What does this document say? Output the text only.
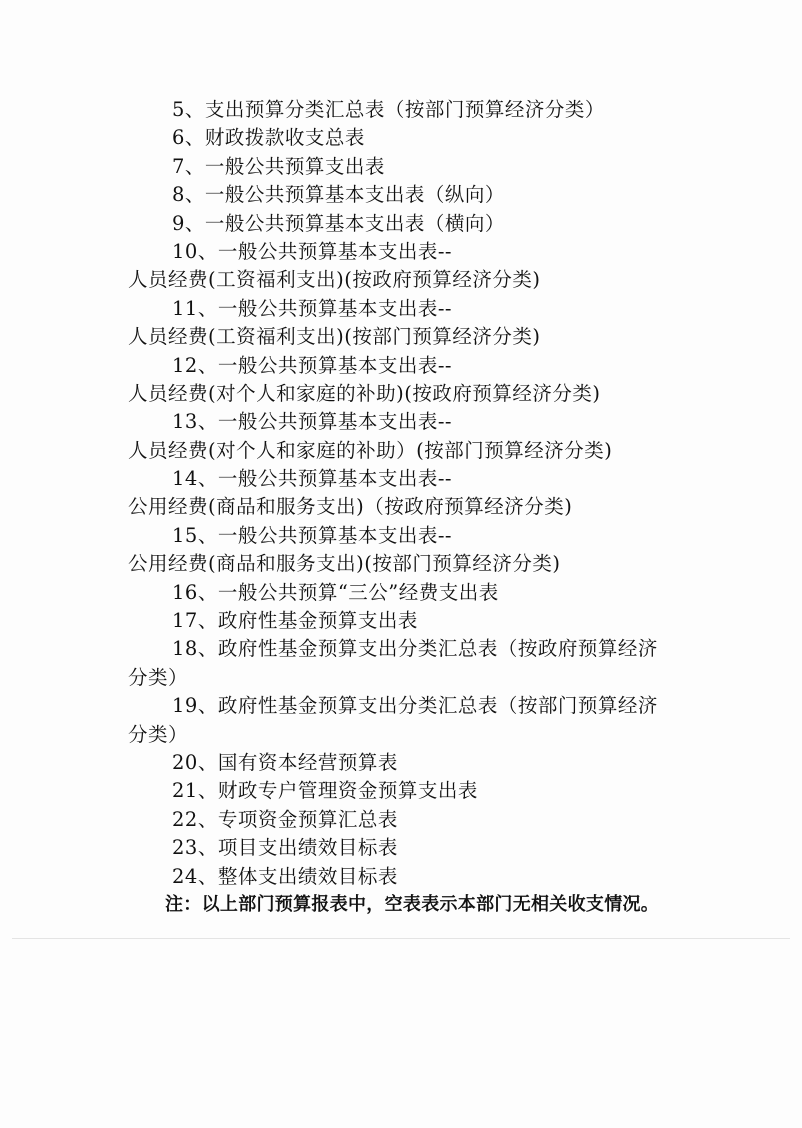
5、支出预算分类汇总表（按部门预算经济分类）
6、财政拨款收支总表
7、一般公共预算支出表
8、一般公共预算基本支出表（纵向）
9、一般公共预算基本支出表（横向）
10、一般公共预算基本支出表--
人员经费(工资福利支出)(按政府预算经济分类)
11、一般公共预算基本支出表--
人员经费(工资福利支出)(按部门预算经济分类)
12、一般公共预算基本支出表--
人员经费(对个人和家庭的补助)(按政府预算经济分类)
13、一般公共预算基本支出表--
人员经费(对个人和家庭的补助）(按部门预算经济分类)
14、一般公共预算基本支出表--
公用经费(商品和服务支出)（按政府预算经济分类)
15、一般公共预算基本支出表--
公用经费(商品和服务支出)(按部门预算经济分类)
16、一般公共预算“三公”经费支出表
17、政府性基金预算支出表
18、政府性基金预算支出分类汇总表（按政府预算经济
分类）
19、政府性基金预算支出分类汇总表（按部门预算经济
分类）
20、国有资本经营预算表
21、财政专户管理资金预算支出表
22、专项资金预算汇总表
23、项目支出绩效目标表
24、整体支出绩效目标表
注：以上部门预算报表中，空表表示本部门无相关收支情况。
